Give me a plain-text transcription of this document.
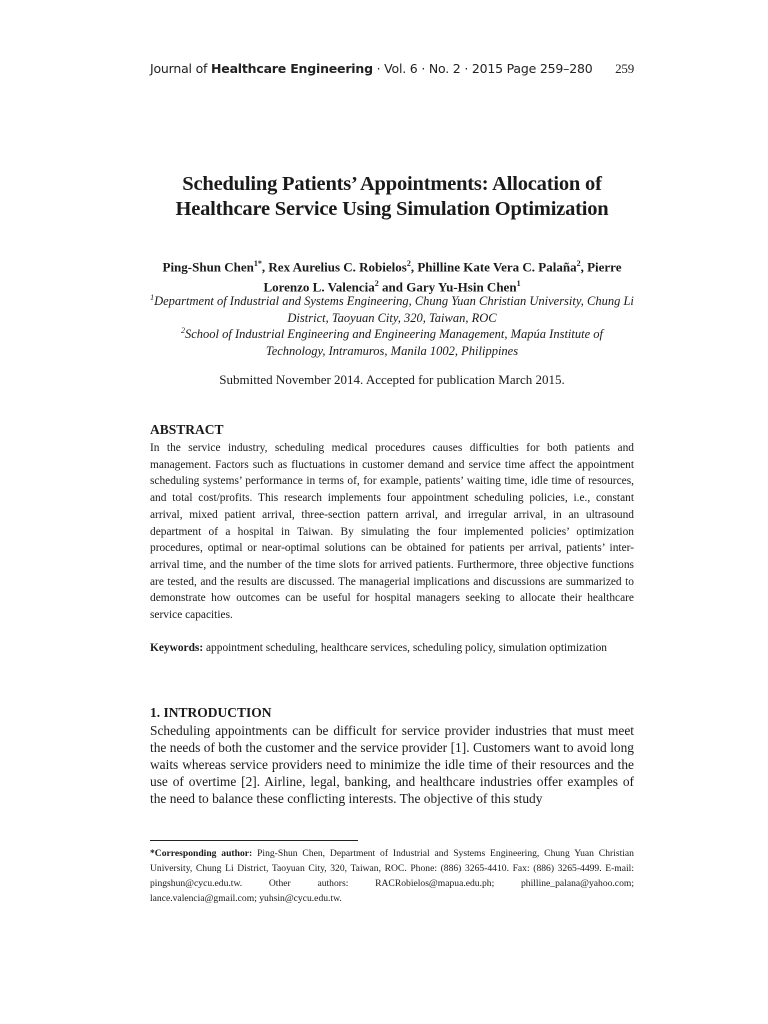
Journal of Healthcare Engineering · Vol. 6 · No. 2 · 2015 Page 259–280 259
Scheduling Patients’ Appointments: Allocation of Healthcare Service Using Simulation Optimization
Ping-Shun Chen$^{1*}$, Rex Aurelius C. Robielos$^2$, Philline Kate Vera C. Palaña$^2$, Pierre Lorenzo L. Valencia$^2$ and Gary Yu-Hsin Chen$^1$
$^1$Department of Industrial and Systems Engineering, Chung Yuan Christian University, Chung Li District, Taoyuan City, 320, Taiwan, ROC
$^2$School of Industrial Engineering and Engineering Management, Mapúa Institute of Technology, Intramuros, Manila 1002, Philippines
Submitted November 2014. Accepted for publication March 2015.
ABSTRACT

In the service industry, scheduling medical procedures causes difficulties for both patients and management. Factors such as fluctuations in customer demand and service time affect the appointment scheduling systems’ performance in terms of, for example, patients’ waiting time, idle time of resources, and total cost/profits. This research implements four appointment scheduling policies, i.e., constant arrival, mixed patient arrival, three-section pattern arrival, and irregular arrival, in an ultrasound department of a hospital in Taiwan. By simulating the four implemented policies’ optimization procedures, optimal or near-optimal solutions can be obtained for patients per arrival, patients’ inter-arrival time, and the number of the time slots for arrived patients. Furthermore, three objective functions are tested, and the results are discussed. The managerial implications and discussions are summarized to demonstrate how outcomes can be useful for hospital managers seeking to allocate their healthcare service capacities.

Keywords: appointment scheduling, healthcare services, scheduling policy, simulation optimization

1. INTRODUCTION

Scheduling appointments can be difficult for service provider industries that must meet the needs of both the customer and the service provider [1]. Customers want to avoid long waits whereas service providers need to minimize the idle time of their resources and the use of overtime [2]. Airline, legal, banking, and healthcare industries offer examples of the need to balance these conflicting interests. The objective of this study

*Corresponding author: Ping-Shun Chen, Department of Industrial and Systems Engineering, Chung Yuan Christian University, Chung Li District, Taoyuan City, 320, Taiwan, ROC. Phone: (886) 3265-4410. Fax: (886) 3265-4499. E-mail: pingshun@cycu.edu.tw. Other authors: RACRobielos@mapua.edu.ph; philline_palana@yahoo.com; lance.valencia@gmail.com; yuhsin@cycu.edu.tw.
